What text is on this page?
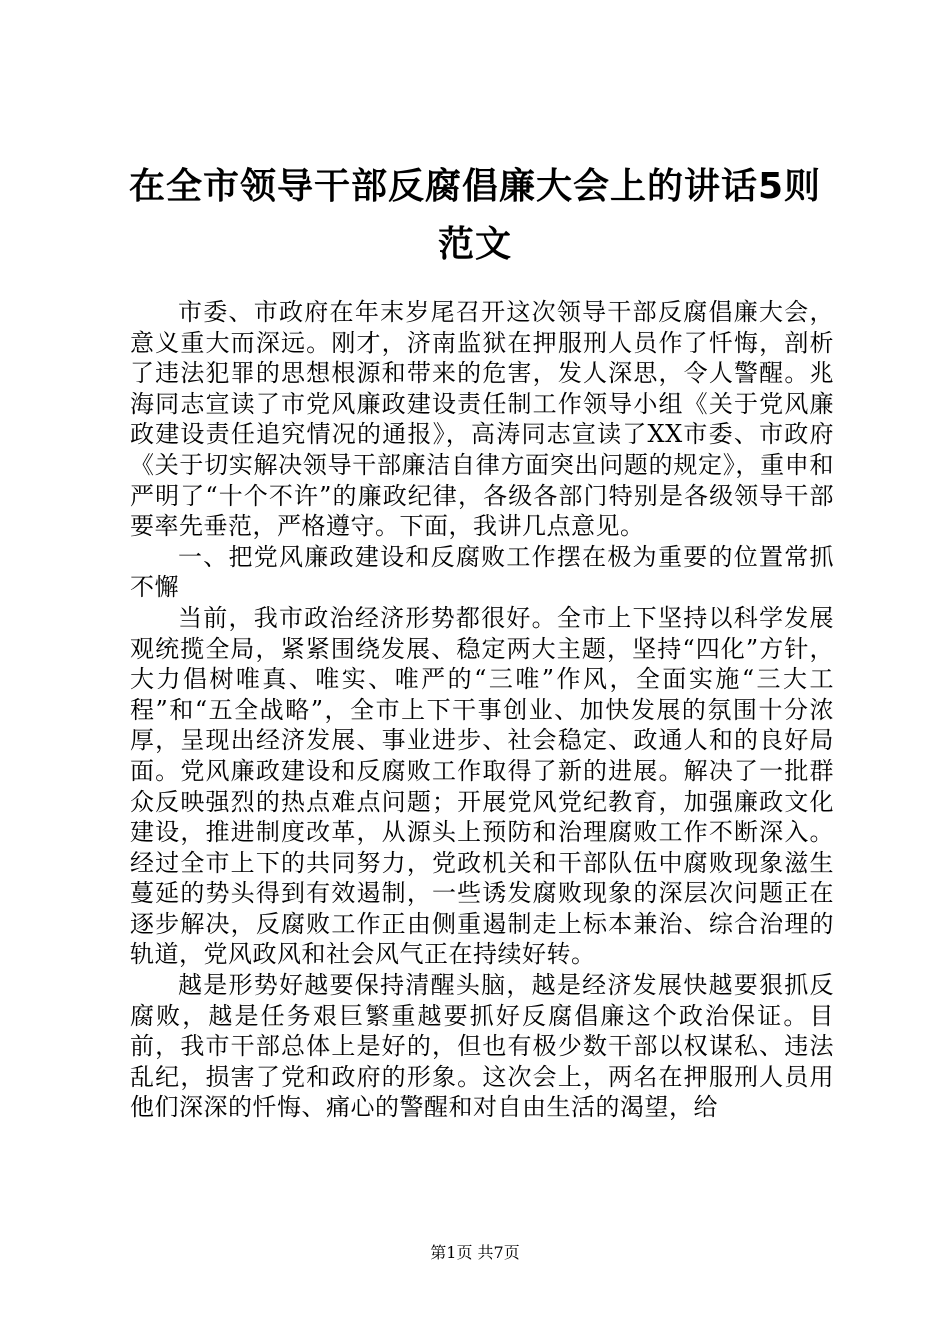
在全市领导干部反腐倡廉大会上的讲话5则范文

市委、市政府在年末岁尾召开这次领导干部反腐倡廉大会，意义重大而深远。刚才，济南监狱在押服刑人员作了忏悔，剖析了违法犯罪的思想根源和带来的危害，发人深思，令人警醒。兆海同志宣读了市党风廉政建设责任制工作领导小组《关于党风廉政建设责任追究情况的通报》，高涛同志宣读了XX市委、市政府《关于切实解决领导干部廉洁自律方面突出问题的规定》，重申和严明了“十个不许”的廉政纪律，各级各部门特别是各级领导干部要率先垂范，严格遵守。下面，我讲几点意见。

一、把党风廉政建设和反腐败工作摆在极为重要的位置常抓不懈

当前，我市政治经济形势都很好。全市上下坚持以科学发展观统揽全局，紧紧围绕发展、稳定两大主题，坚持“四化”方针，大力倡树唯真、唯实、唯严的“三唯”作风，全面实施“三大工程”和“五全战略”，全市上下干事创业、加快发展的氛围十分浓厚，呈现出经济发展、事业进步、社会稳定、政通人和的良好局面。党风廉政建设和反腐败工作取得了新的进展。解决了一批群众反映强烈的热点难点问题；开展党风党纪教育，加强廉政文化建设，推进制度改革，从源头上预防和治理腐败工作不断深入。经过全市上下的共同努力，党政机关和干部队伍中腐败现象滋生蔓延的势头得到有效遏制，一些诱发腐败现象的深层次问题正在逐步解决，反腐败工作正由侧重遏制走上标本兼治、综合治理的轨道，党风政风和社会风气正在持续好转。

越是形势好越要保持清醒头脑，越是经济发展快越要狠抓反腐败，越是任务艰巨繁重越要抓好反腐倡廉这个政治保证。目前，我市干部总体上是好的，但也有极少数干部以权谋私、违法乱纪，损害了党和政府的形象。这次会上，两名在押服刑人员用他们深深的忏悔、痛心的警醒和对自由生活的渴望，给

第1页 共7页
